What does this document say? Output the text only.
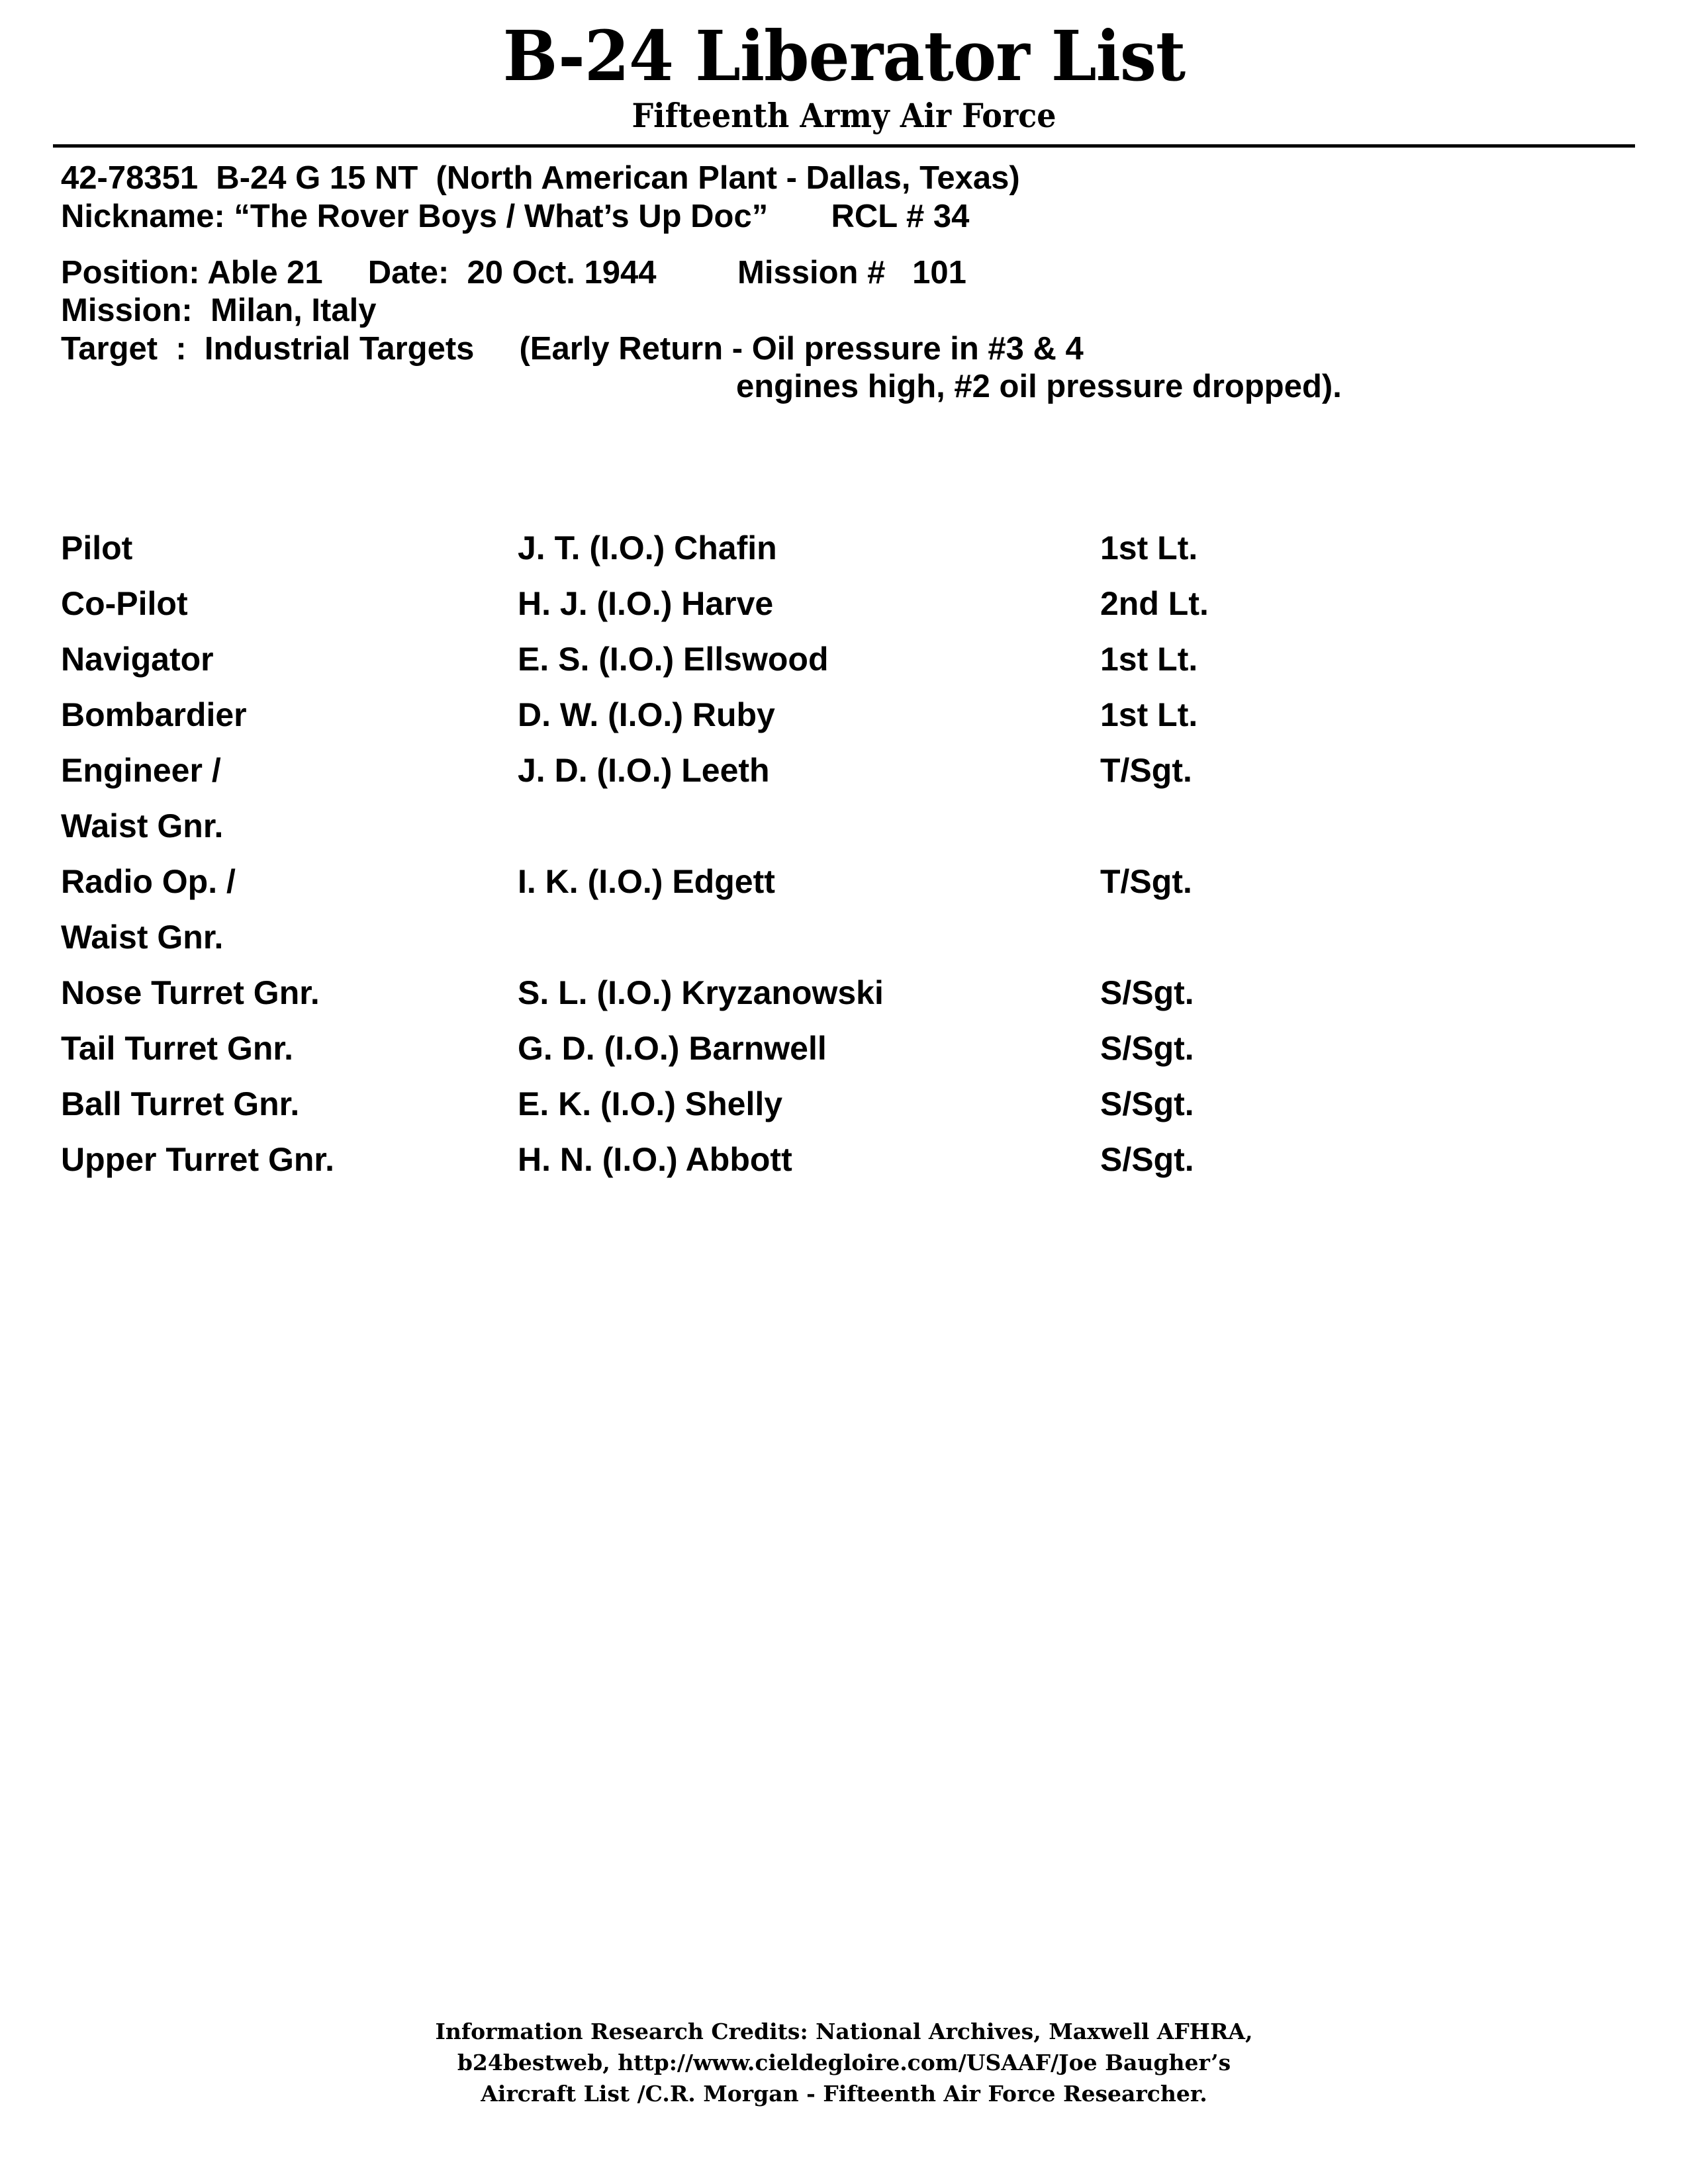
B-24 Liberator List
Fifteenth Army Air Force
42-78351  B-24 G 15 NT  (North American Plant - Dallas, Texas)
Nickname: “The Rover Boys / What’s Up Doc”       RCL # 34
Position: Able 21     Date:  20 Oct. 1944         Mission #   101
Mission:  Milan, Italy
Target  :  Industrial Targets     (Early Return - Oil pressure in #3 & 4
engines high, #2 oil pressure dropped).
Pilot	J. T. (I.O.) Chafin	1st Lt.
Co-Pilot	H. J. (I.O.) Harve	2nd Lt.
Navigator	E. S. (I.O.) Ellswood	1st Lt.
Bombardier	D. W. (I.O.) Ruby	1st Lt.
Engineer /	J. D. (I.O.) Leeth	T/Sgt.
Waist Gnr.
Radio Op. /	I. K. (I.O.) Edgett	T/Sgt.
Waist Gnr.
Nose Turret Gnr.	S. L. (I.O.) Kryzanowski	S/Sgt.
Tail Turret Gnr.	G. D. (I.O.) Barnwell	S/Sgt.
Ball Turret Gnr.	E. K. (I.O.) Shelly	S/Sgt.
Upper Turret Gnr.	H. N. (I.O.) Abbott	S/Sgt.
Information Research Credits: National Archives, Maxwell AFHRA,
b24bestweb, http://www.cieldegloire.com/USAAF/Joe Baugher’s
Aircraft List /C.R. Morgan - Fifteenth Air Force Researcher.
